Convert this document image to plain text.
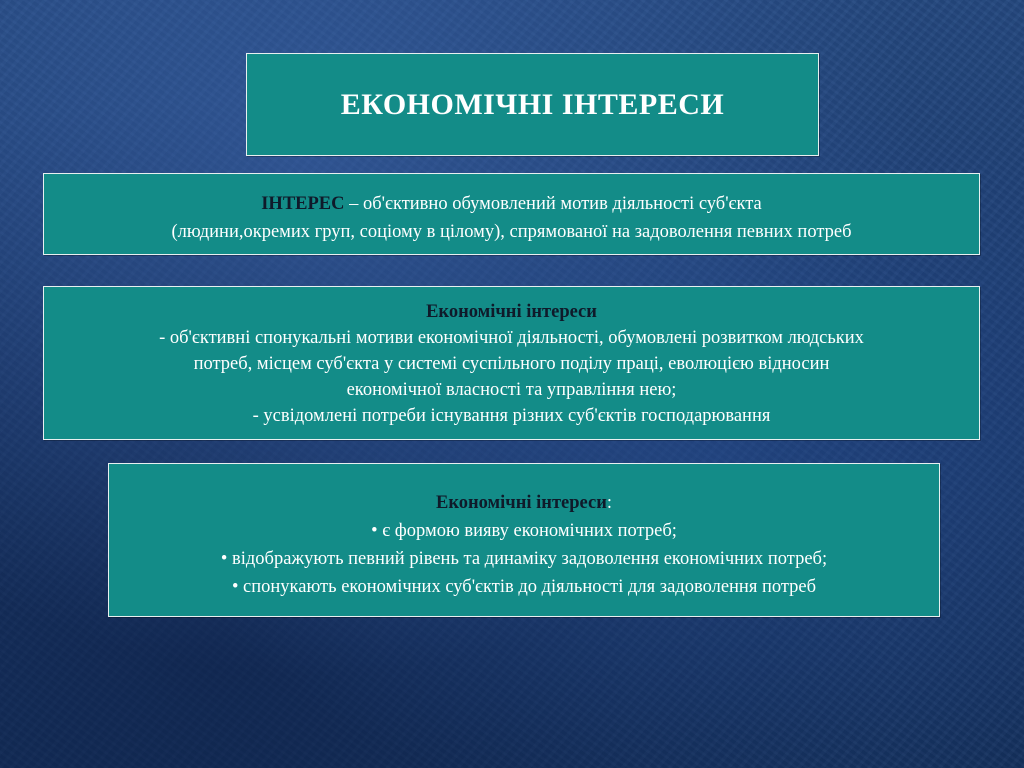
ЕКОНОМІЧНІ ІНТЕРЕСИ
ІНТЕРЕС – об'єктивно обумовлений мотив діяльності суб'єкта
(людини,окремих груп, соціому в цілому), спрямованої на задоволення певних потреб
Економічні інтереси
- об'єктивні спонукальні мотиви економічної діяльності, обумовлені розвитком людських
потреб, місцем суб'єкта у системі суспільного поділу праці, еволюцією відносин
економічної власності та управління нею;
- усвідомлені потреби існування різних суб'єктів господарювання
Економічні інтереси:
• є формою вияву економічних потреб;
• відображують певний рівень та динаміку задоволення економічних потреб;
• спонукають економічних суб'єктів до діяльності для задоволення потреб
